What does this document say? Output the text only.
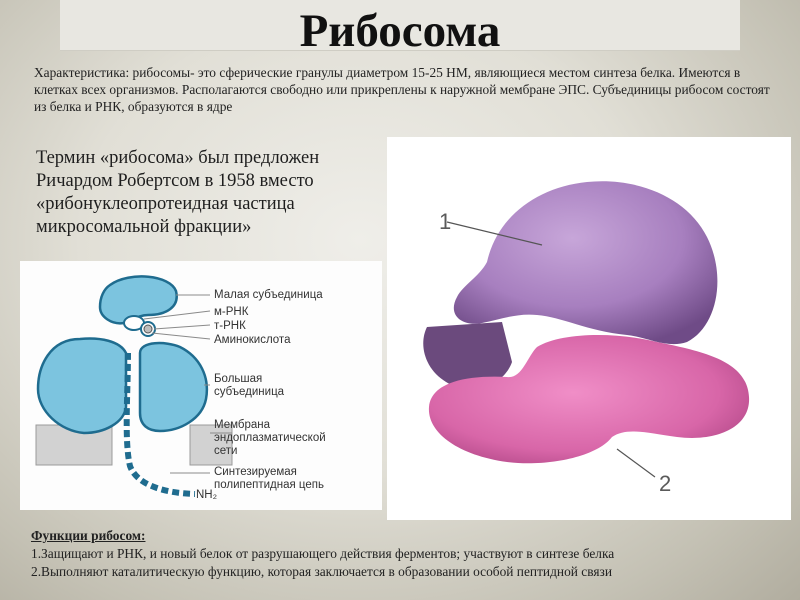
Рибосома
Характеристика: рибосомы- это сферические гранулы диаметром 15-25 НМ, являющиеся местом синтеза белка. Имеются в клетках всех организмов. Располагаются свободно или прикреплены к наружной мембране ЭПС. Субъединицы рибосом состоят из белка и РНК, образуются в ядре
Термин «рибосома» был предложен Ричардом Робертсом в 1958 вместо «рибонуклеопротеидная частица микросомальной фракции»
Малая субъединица
м-РНК
т-РНК
Аминокислота
Большая
субъединица
Мембрана
эндоплазматической
сети
Синтезируемая
полипептидная цепь
NH₂
1
2
Функции рибосом:
1.Защищают и РНК, и новый белок от разрушающего действия ферментов; участвуют в синтезе белка
2.Выполняют каталитическую функцию, которая заключается в образовании особой пептидной связи
